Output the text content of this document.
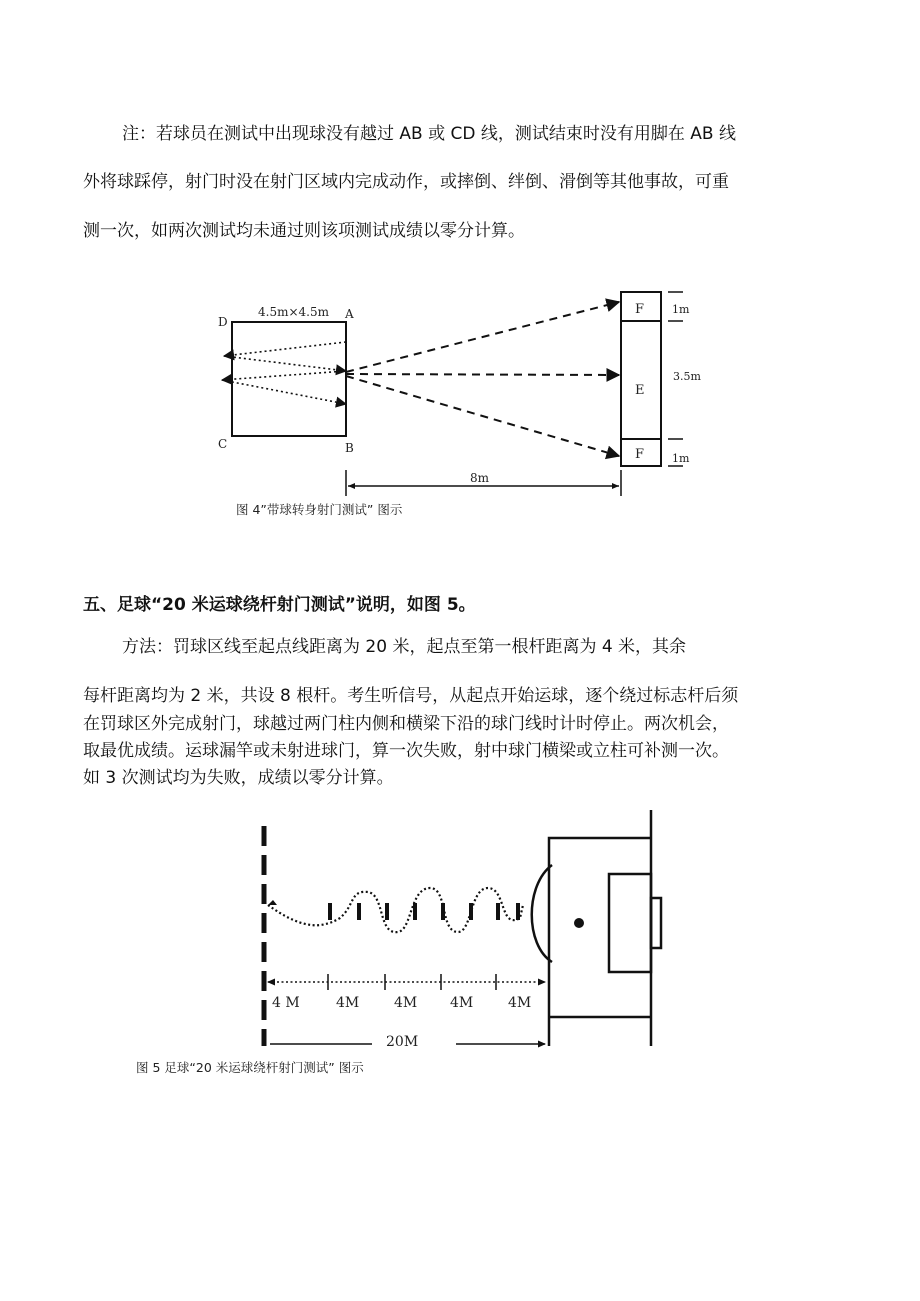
注：若球员在测试中出现球没有越过 AB 或 CD 线，测试结束时没有用脚在 AB 线
外将球踩停，射门时没在射门区域内完成动作，或摔倒、绊倒、滑倒等其他事故，可重
测一次，如两次测试均未通过则该项测试成绩以零分计算。
4.5m×4.5m
D
A
C	B
F
E
F
1m
3.5m
1m
8m
图 4”带球转身射门测试” 图示
五、足球“20 米运球绕杆射门测试”说明，如图 5。
方法：罚球区线至起点线距离为 20 米，起点至第一根杆距离为 4 米，其余
每杆距离均为 2 米，共设 8 根杆。考生听信号，从起点开始运球，逐个绕过标志杆后须
在罚球区外完成射门，球越过两门柱内侧和横梁下沿的球门线时计时停止。两次机会，
取最优成绩。运球漏竿或未射进球门，算一次失败，射中球门横梁或立柱可补测一次。
如 3 次测试均为失败，成绩以零分计算。
4 M	4M 4M 4M 4M
20M
图 5 足球“20 米运球绕杆射门测试” 图示
